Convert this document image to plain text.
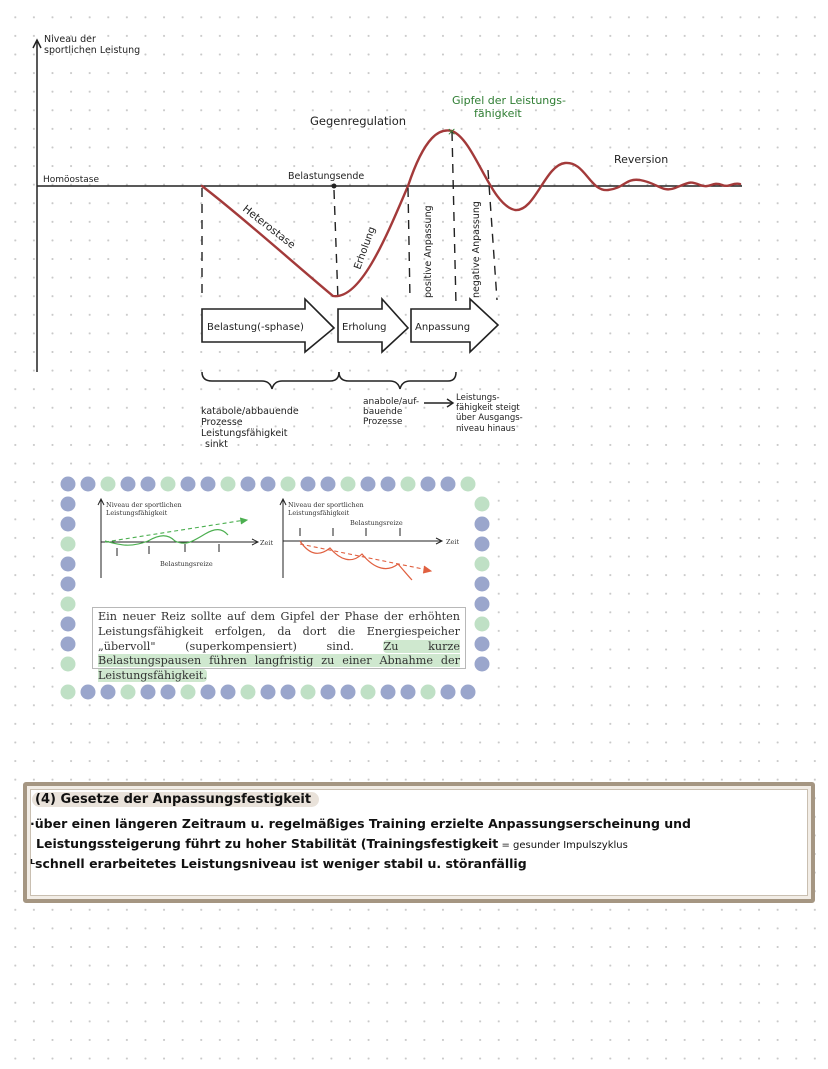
Niveau der
sportlichen Leistung
Homöostase
Gegenregulation
Gipfel der Leistungs-
fähigkeit
×
Reversion
Belastungsende
Heterostase	Erholung	positive Anpassung	negative Anpassung
Belastung(-sphase)	Erholung	Anpassung
katabole/abbauende
Prozesse
Leistungsfähigkeit
sinkt
anabole/auf-
bauende
Prozesse
Leistungs-
fähigkeit steigt
über Ausgangs-
niveau hinaus
Niveau der sportlichen
Leistungsfähigkeit
Zeit
Belastungsreize
Niveau der sportlichen
Leistungsfähigkeit
Zeit
Belastungsreize
Ein neuer Reiz sollte auf dem Gipfel der Phase der erhöhten Leistungsfähigkeit erfolgen, da dort die Energiespeicher „übervoll" (superkompensiert) sind. Zu kurze Belastungspausen führen langfristig zu einer Abnahme der Leistungsfähigkeit.
(4) Gesetze der Anpassungsfestigkeit
·über einen längeren Zeitraum u. regelmäßiges Training erzielte Anpassungserscheinung und
Leistungssteigerung führt zu hoher Stabilität (Trainingsfestigkeit = gesunder Impulszyklus
ᴸschnell erarbeitetes Leistungsniveau ist weniger stabil u. störanfällig
